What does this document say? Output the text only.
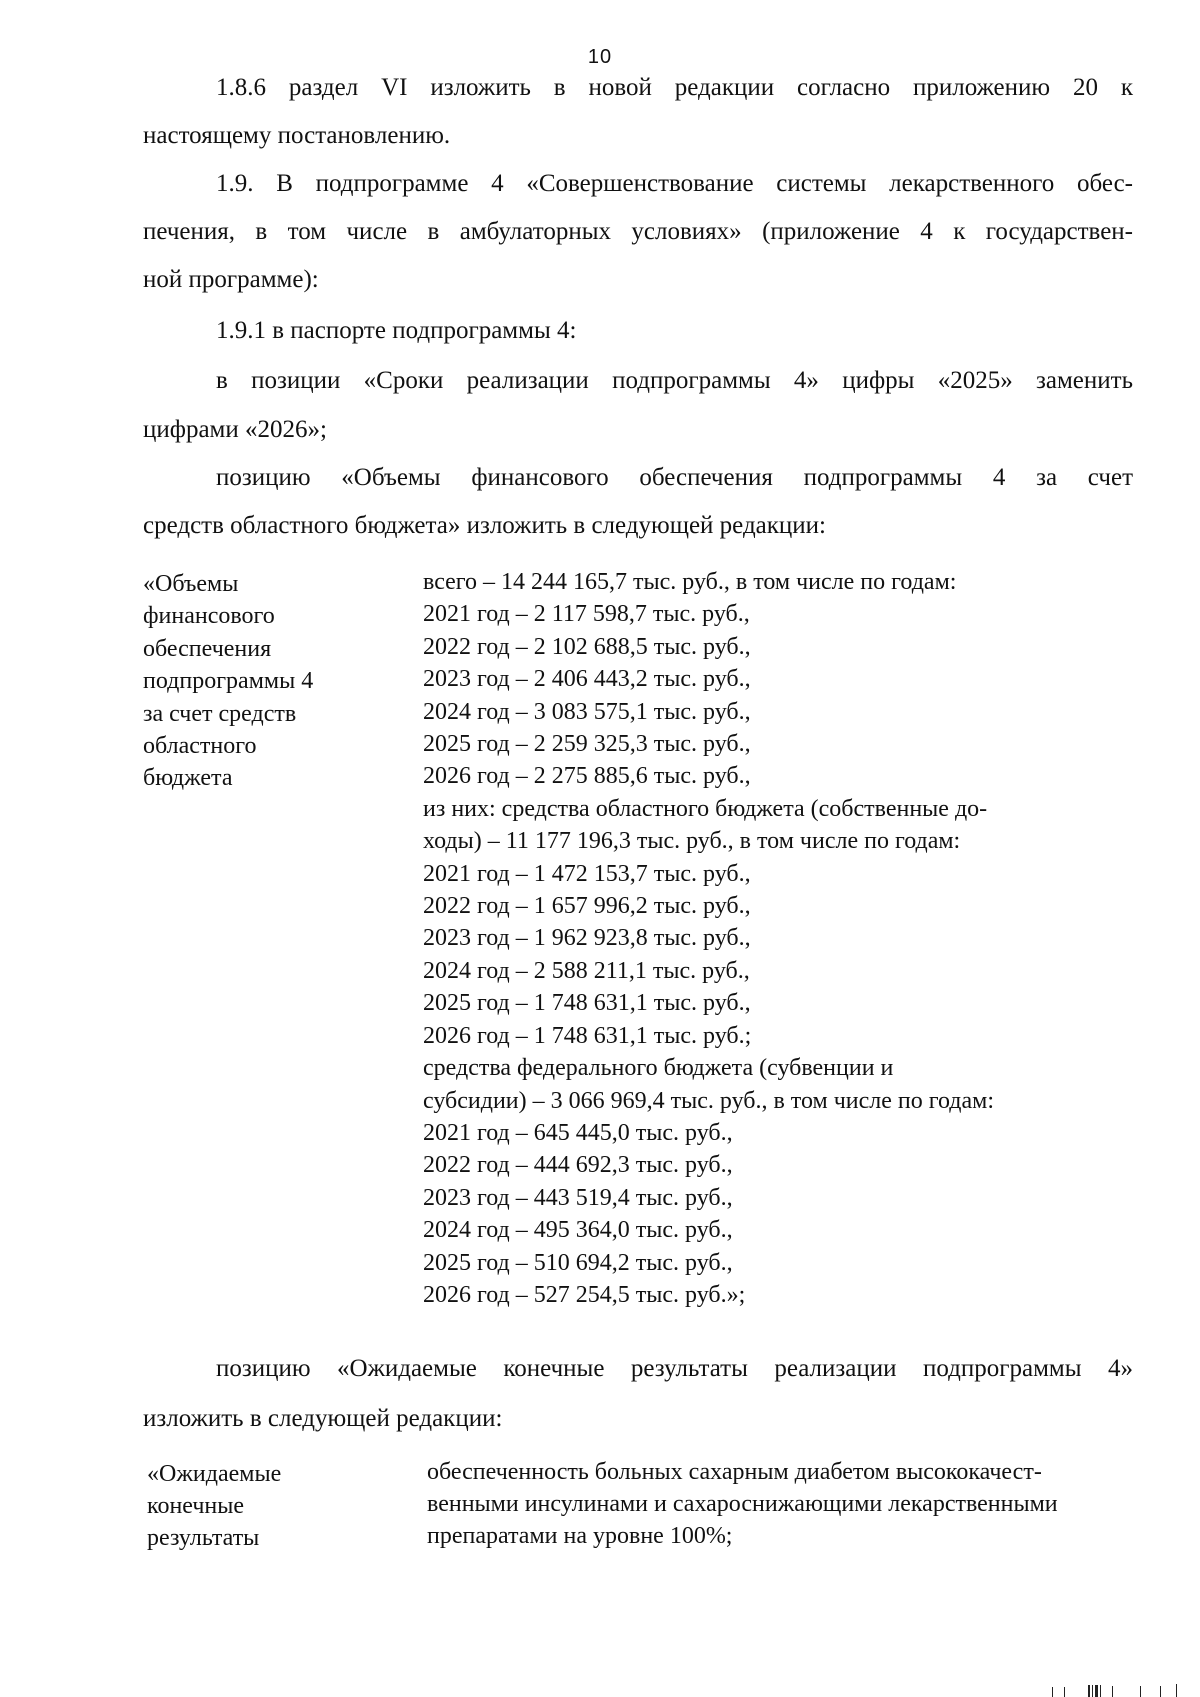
10

1.8.6 раздел VI изложить в новой редакции согласно приложению 20 к

настоящему постановлению.

1.9. В подпрограмме 4 «Совершенствование системы лекарственного обес-

печения, в том числе в амбулаторных условиях» (приложение 4 к государствен-

ной программе):

1.9.1 в паспорте подпрограммы 4:

в позиции «Сроки реализации подпрограммы 4» цифры «2025» заменить

цифрами «2026»;

позицию «Объемы финансового обеспечения подпрограммы 4 за счет

средств областного бюджета» изложить в следующей редакции:

«Объемы
финансового
обеспечения
подпрограммы 4
за счет средств
областного
бюджета
всего – 14 244 165,7 тыс. руб., в том числе по годам:
2021 год – 2 117 598,7 тыс. руб.,
2022 год – 2 102 688,5 тыс. руб.,
2023 год – 2 406 443,2 тыс. руб.,
2024 год – 3 083 575,1 тыс. руб.,
2025 год – 2 259 325,3 тыс. руб.,
2026 год – 2 275 885,6 тыс. руб.,
из них: средства областного бюджета (собственные до-
ходы) – 11 177 196,3 тыс. руб., в том числе по годам:
2021 год – 1 472 153,7 тыс. руб.,
2022 год – 1 657 996,2 тыс. руб.,
2023 год – 1 962 923,8 тыс. руб.,
2024 год – 2 588 211,1 тыс. руб.,
2025 год – 1 748 631,1 тыс. руб.,
2026 год – 1 748 631,1 тыс. руб.;
средства федерального бюджета (субвенции и
субсидии) – 3 066 969,4 тыс. руб., в том числе по годам:
2021 год – 645 445,0 тыс. руб.,
2022 год – 444 692,3 тыс. руб.,
2023 год – 443 519,4 тыс. руб.,
2024 год – 495 364,0 тыс. руб.,
2025 год – 510 694,2 тыс. руб.,
2026 год – 527 254,5 тыс. руб.»;

позицию «Ожидаемые конечные результаты реализации подпрограммы 4»

изложить в следующей редакции:

«Ожидаемые
конечные
результаты
обеспеченность больных сахарным диабетом высококачест-
венными инсулинами и сахароснижающими лекарственными
препаратами на уровне 100%;
